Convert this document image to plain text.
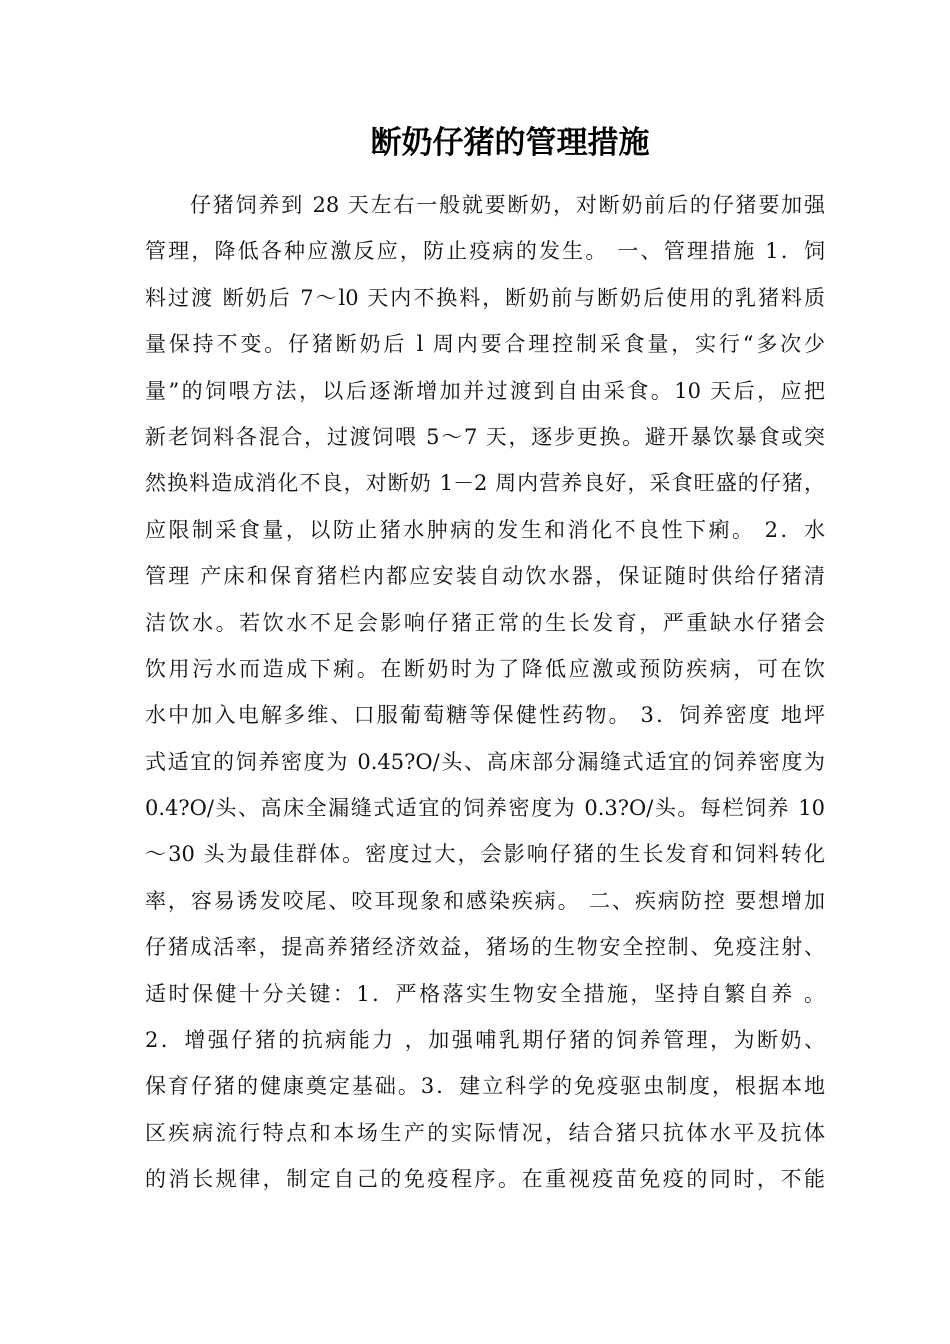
断奶仔猪的管理措施
仔猪饲养到 28 天左右一般就要断奶，对断奶前后的仔猪要加强
管理，降低各种应激反应，防止疫病的发生。 一、管理措施 1．饲
料过渡 断奶后 7～l0 天内不换料，断奶前与断奶后使用的乳猪料质
量保持不变。仔猪断奶后 l 周内要合理控制采食量，实行“多次少
量”的饲喂方法，以后逐渐增加并过渡到自由采食。10 天后，应把
新老饲料各混合，过渡饲喂 5～7 天，逐步更换。避开暴饮暴食或突
然换料造成消化不良，对断奶 1－2 周内营养良好，采食旺盛的仔猪，
应限制采食量，以防止猪水肿病的发生和消化不良性下痢。 2．水
管理 产床和保育猪栏内都应安装自动饮水器，保证随时供给仔猪清
洁饮水。若饮水不足会影响仔猪正常的生长发育，严重缺水仔猪会
饮用污水而造成下痢。在断奶时为了降低应激或预防疾病，可在饮
水中加入电解多维、口服葡萄糖等保健性药物。 3．饲养密度 地坪
式适宜的饲养密度为 0.45?O/头、高床部分漏缝式适宜的饲养密度为
0.4?O/头、高床全漏缝式适宜的饲养密度为 0.3?O/头。每栏饲养 10
～30 头为最佳群体。密度过大，会影响仔猪的生长发育和饲料转化
率，容易诱发咬尾、咬耳现象和感染疾病。 二、疾病防控 要想增加
仔猪成活率，提高养猪经济效益，猪场的生物安全控制、免疫注射、
适时保健十分关键：1．严格落实生物安全措施，坚持自繁自养 。
2．增强仔猪的抗病能力 ，加强哺乳期仔猪的饲养管理，为断奶、
保育仔猪的健康奠定基础。3．建立科学的免疫驱虫制度，根据本地
区疾病流行特点和本场生产的实际情况，结合猪只抗体水平及抗体
的消长规律，制定自己的免疫程序。在重视疫苗免疫的同时，不能
